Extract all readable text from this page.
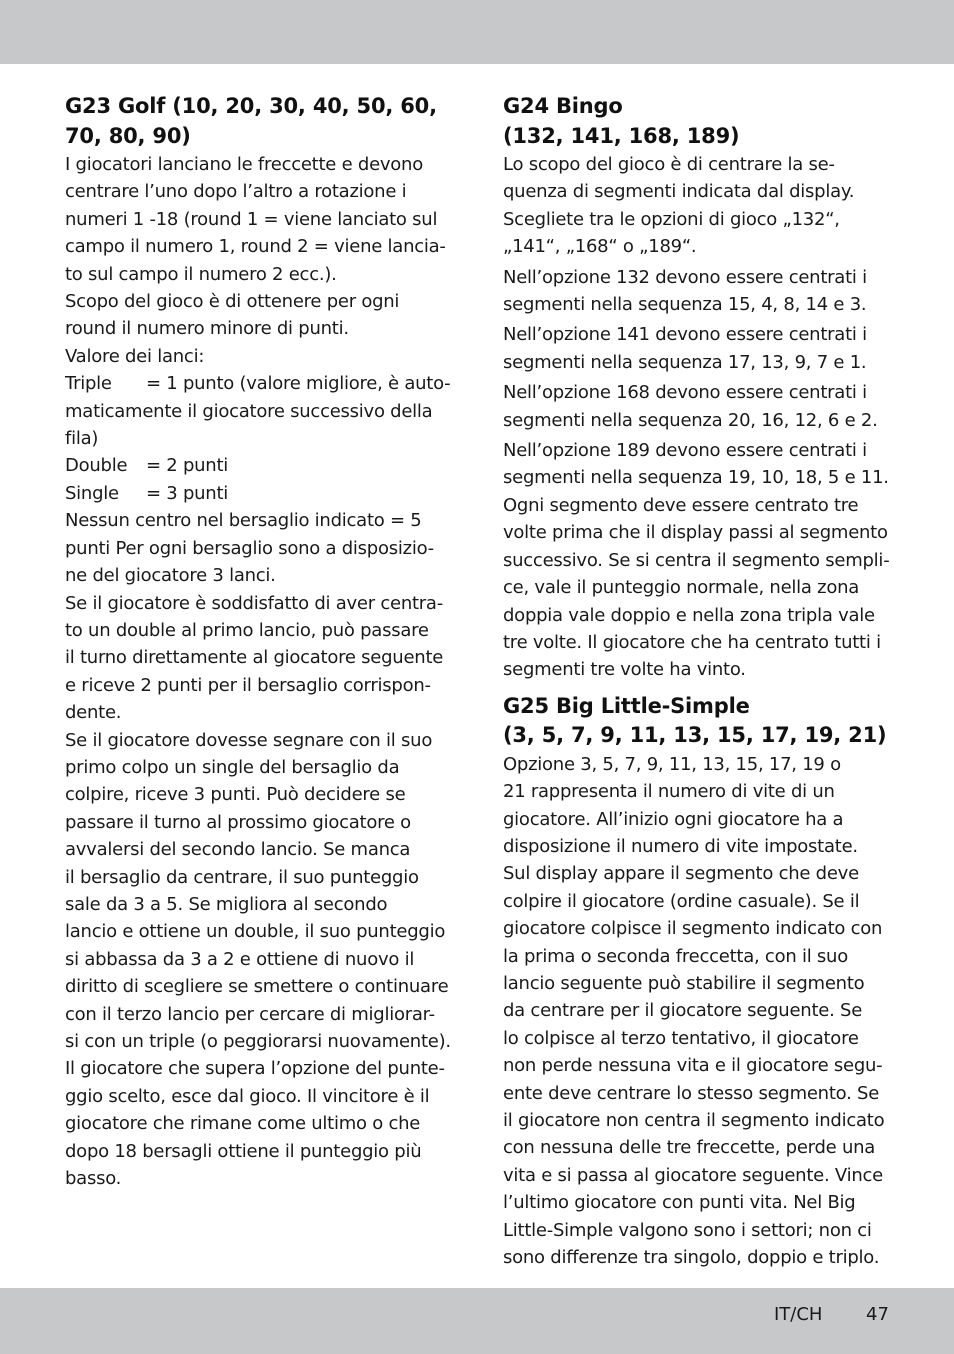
G23 Golf (10, 20, 30, 40, 50, 60,
70, 80, 90)
I giocatori lanciano le freccette e devono
centrare l’uno dopo l’altro a rotazione i
numeri 1 -18 (round 1 = viene lanciato sul
campo il numero 1, round 2 = viene lancia-
to sul campo il numero 2 ecc.).
Scopo del gioco è di ottenere per ogni
round il numero minore di punti.
Valore dei lanci:
Triple = 1 punto (valore migliore, è auto-
maticamente il giocatore successivo della
fila)
Double = 2 punti
Single = 3 punti
Nessun centro nel bersaglio indicato = 5
punti Per ogni bersaglio sono a disposizio-
ne del giocatore 3 lanci.
Se il giocatore è soddisfatto di aver centra-
to un double al primo lancio, può passare
il turno direttamente al giocatore seguente
e riceve 2 punti per il bersaglio corrispon-
dente.
Se il giocatore dovesse segnare con il suo
primo colpo un single del bersaglio da
colpire, riceve 3 punti. Può decidere se
passare il turno al prossimo giocatore o
avvalersi del secondo lancio. Se manca
il bersaglio da centrare, il suo punteggio
sale da 3 a 5. Se migliora al secondo
lancio e ottiene un double, il suo punteggio
si abbassa da 3 a 2 e ottiene di nuovo il
diritto di scegliere se smettere o continuare
con il terzo lancio per cercare di migliorar-
si con un triple (o peggiorarsi nuovamente).
Il giocatore che supera l’opzione del punte-
ggio scelto, esce dal gioco. Il vincitore è il
giocatore che rimane come ultimo o che
dopo 18 bersagli ottiene il punteggio più
basso.
G24 Bingo
(132, 141, 168, 189)
Lo scopo del gioco è di centrare la se-
quenza di segmenti indicata dal display.
Scegliete tra le opzioni di gioco „132“,
„141“, „168“ o „189“.
Nell’opzione 132 devono essere centrati i
segmenti nella sequenza 15, 4, 8, 14 e 3.
Nell’opzione 141 devono essere centrati i
segmenti nella sequenza 17, 13, 9, 7 e 1.
Nell’opzione 168 devono essere centrati i
segmenti nella sequenza 20, 16, 12, 6 e 2.
Nell’opzione 189 devono essere centrati i
segmenti nella sequenza 19, 10, 18, 5 e 11.
Ogni segmento deve essere centrato tre
volte prima che il display passi al segmento
successivo. Se si centra il segmento sempli-
ce, vale il punteggio normale, nella zona
doppia vale doppio e nella zona tripla vale
tre volte. Il giocatore che ha centrato tutti i
segmenti tre volte ha vinto.
G25 Big Little-Simple
(3, 5, 7, 9, 11, 13, 15, 17, 19, 21)
Opzione 3, 5, 7, 9, 11, 13, 15, 17, 19 o
21 rappresenta il numero di vite di un
giocatore. All’inizio ogni giocatore ha a
disposizione il numero di vite impostate.
Sul display appare il segmento che deve
colpire il giocatore (ordine casuale). Se il
giocatore colpisce il segmento indicato con
la prima o seconda freccetta, con il suo
lancio seguente può stabilire il segmento
da centrare per il giocatore seguente. Se
lo colpisce al terzo tentativo, il giocatore
non perde nessuna vita e il giocatore segu-
ente deve centrare lo stesso segmento. Se
il giocatore non centra il segmento indicato
con nessuna delle tre freccette, perde una
vita e si passa al giocatore seguente. Vince
l’ultimo giocatore con punti vita. Nel Big
Little-Simple valgono sono i settori; non ci
sono differenze tra singolo, doppio e triplo.
IT/CH 47
